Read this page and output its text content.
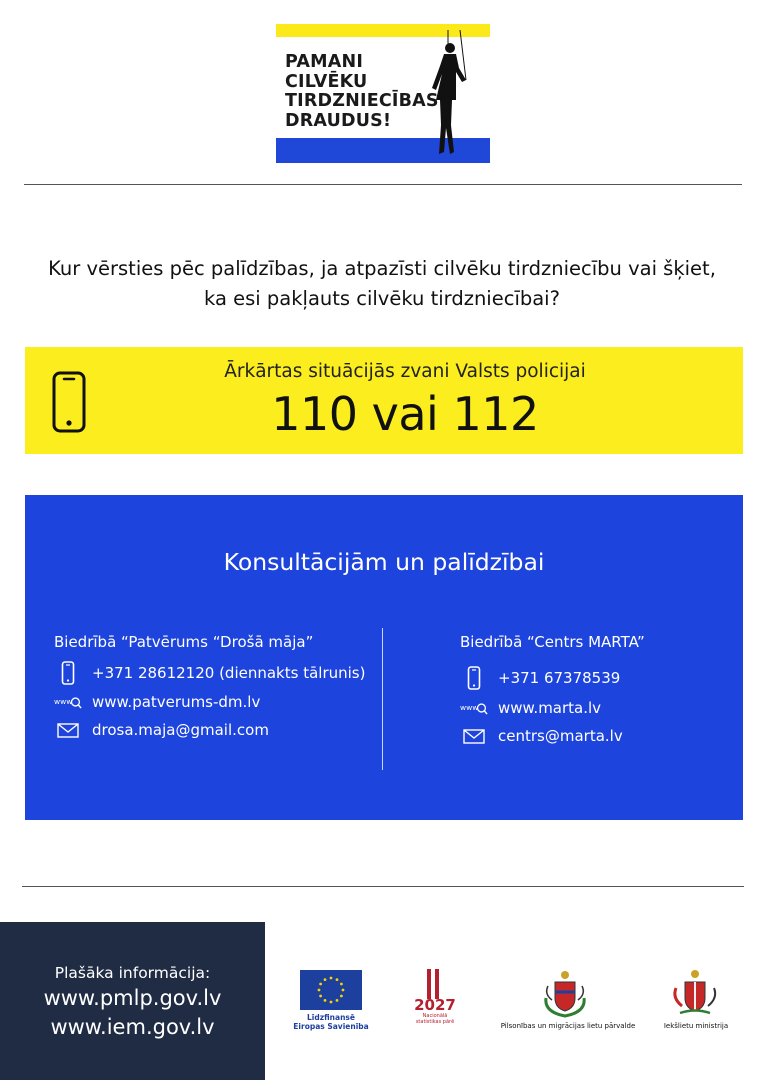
PAMANI
CILVĒKU
TIRDZNIECĪBAS
DRAUDUS!
Kur vērsties pēc palīdzības, ja atpazīsti cilvēku tirdzniecību vai šķiet,
ka esi pakļauts cilvēku tirdzniecībai?
Ārkārtas situācijās zvani Valsts policijai
110 vai 112
Konsultācijām un palīdzībai
Biedrībā “Patvērums “Drošā māja”
+371 28612120 (diennakts tālrunis)
www www.patverums-dm.lv
drosa.maja@gmail.com
Biedrībā “Centrs MARTA”
+371 67378539
www www.marta.lv
centrs@marta.lv
Plašāka informācija:
www.pmlp.gov.lv
www.iem.gov.lv	Līdzfinansē
Eiropas Savienība
2027
Nacionālā
statistikas pārē	Pilsonības un migrācijas lietu pārvalde	Iekšlietu ministrija
